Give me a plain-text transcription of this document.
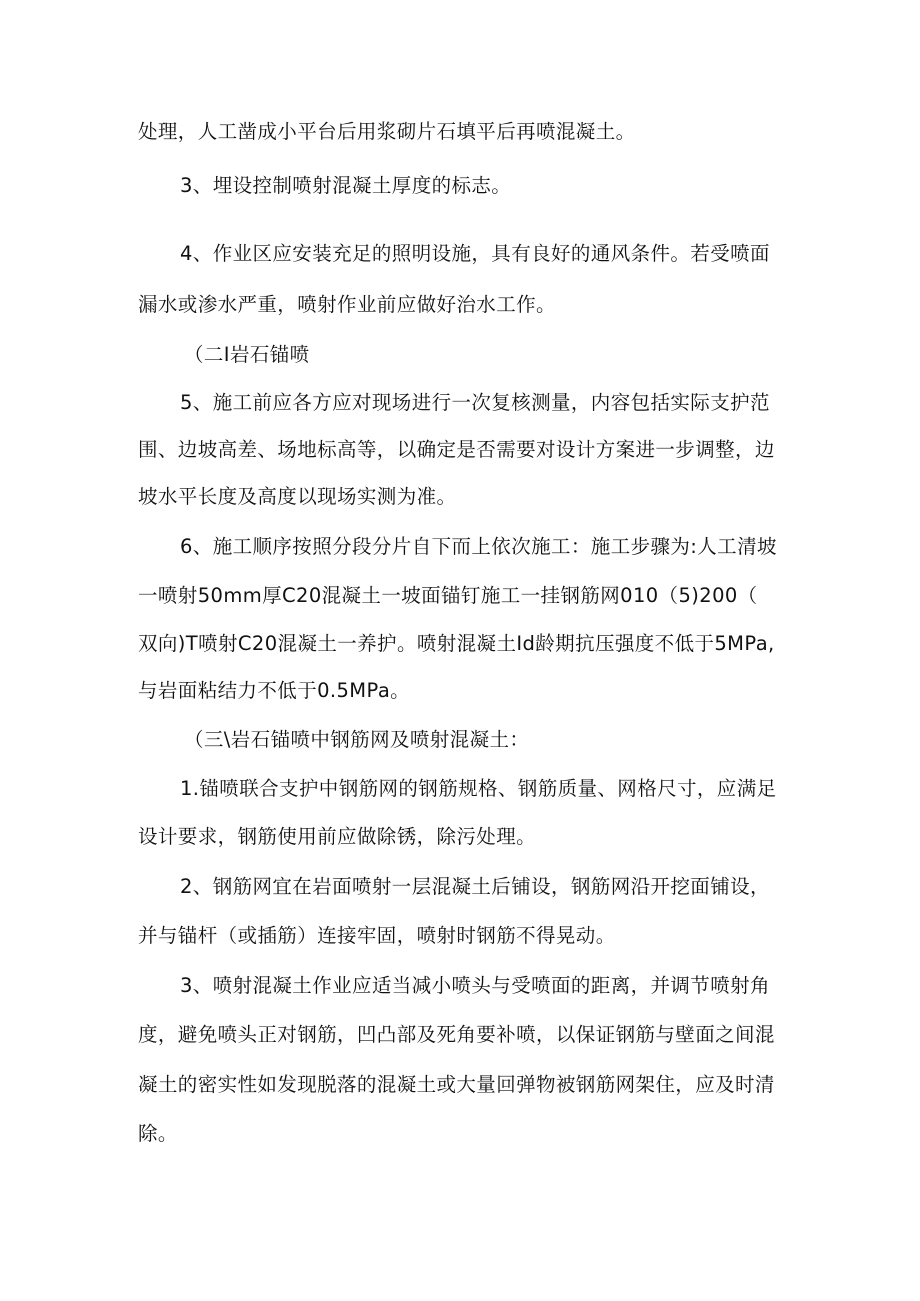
处理，人工凿成小平台后用浆砌片石填平后再喷混凝土。
3、埋设控制喷射混凝土厚度的标志。
4、作业区应安装充足的照明设施，具有良好的通风条件。若受喷面
漏水或渗水严重，喷射作业前应做好治水工作。
（二I岩石锚喷
5、施工前应各方应对现场进行一次复核测量，内容包括实际支护范
围、边坡高差、场地标高等，以确定是否需要对设计方案进一步调整，边
坡水平长度及高度以现场实测为准。
6、施工顺序按照分段分片自下而上依次施工：施工步骤为:人工清坡
一喷射50mm厚C20混凝土一坡面锚钉施工一挂钢筋网010（5)200（
双向)T喷射C20混凝土一养护。喷射混凝土Id龄期抗压强度不低于5MPa,
与岩面粘结力不低于0.5MPa。
（三\岩石锚喷中钢筋网及喷射混凝土：
1.锚喷联合支护中钢筋网的钢筋规格、钢筋质量、网格尺寸，应满足
设计要求，钢筋使用前应做除锈，除污处理。
2、钢筋网宜在岩面喷射一层混凝土后铺设，钢筋网沿开挖面铺设，
并与锚杆（或插筋）连接牢固，喷射时钢筋不得晃动。
3、喷射混凝土作业应适当减小喷头与受喷面的距离，并调节喷射角
度，避免喷头正对钢筋，凹凸部及死角要补喷，以保证钢筋与壁面之间混
凝土的密实性如发现脱落的混凝土或大量回弹物被钢筋网架住，应及时清
除。
